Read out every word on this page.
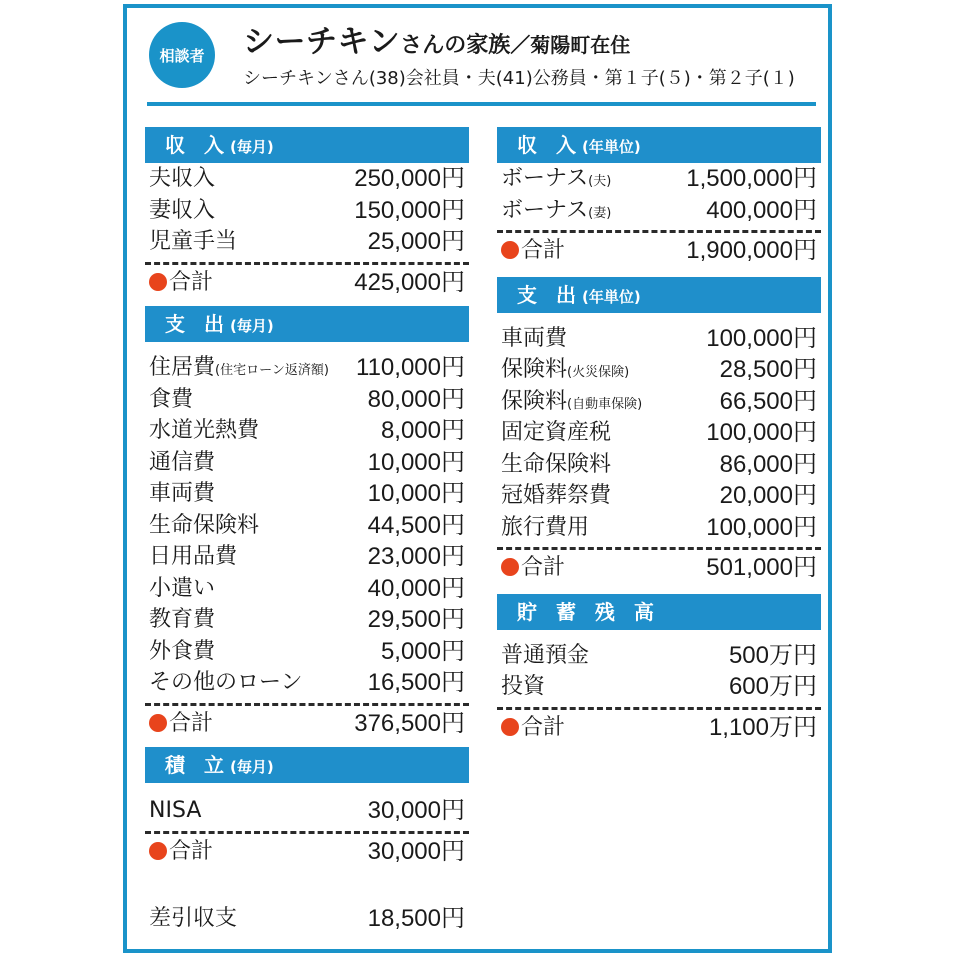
相談者	シーチキンさんの家族／菊陽町在住
シーチキンさん(38)会社員・夫(41)公務員・第１子(５)・第２子(１)
収 入(毎月)
夫収入	250,000円
妻収入	150,000円
児童手当	25,000円
合計	425,000円
支 出(毎月)
住居費(住宅ローン返済額) 110,000円
食費	80,000円
水道光熱費	8,000円
通信費	10,000円
車両費	10,000円
生命保険料	44,500円
日用品費	23,000円
小遣い	40,000円
教育費	29,500円
外食費	5,000円
その他のローン	16,500円
合計	376,500円
積 立(毎月)
NISA	30,000円
合計	30,000円
差引収支	18,500円
収 入(年単位)
ボーナス(夫)	1,500,000円
ボーナス(妻)	400,000円
合計	1,900,000円
支 出(年単位)
車両費	100,000円
保険料(火災保険)	28,500円
保険料(自動車保険)	66,500円
固定資産税	100,000円
生命保険料	86,000円
冠婚葬祭費	20,000円
旅行費用	100,000円
合計	501,000円
貯 蓄 残 高
普通預金	500万円
投資	600万円
合計	1,100万円
